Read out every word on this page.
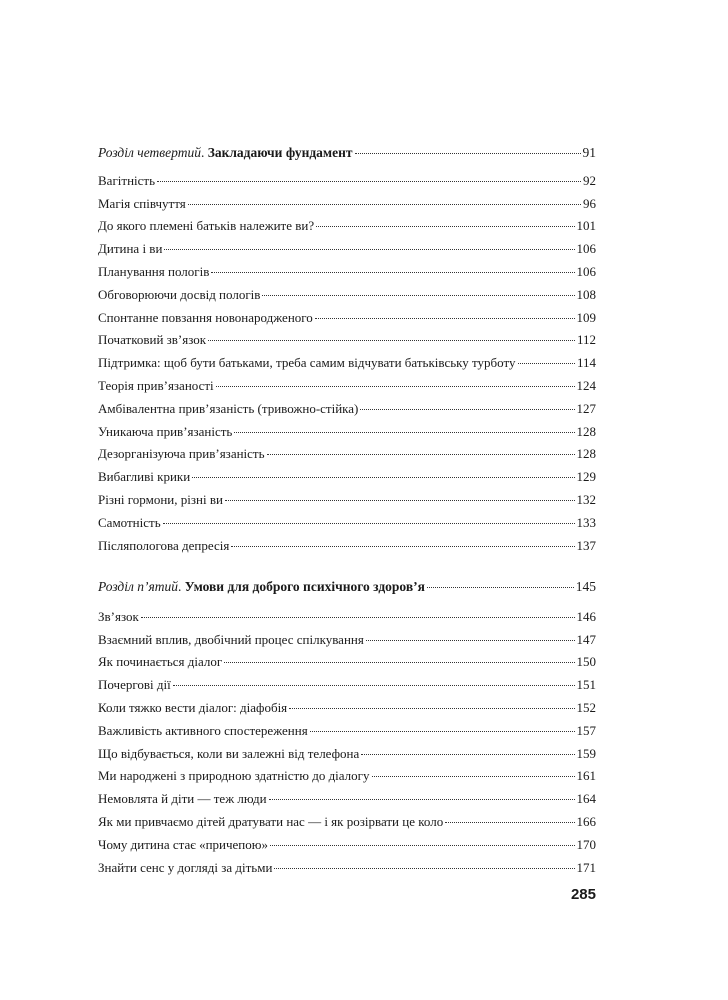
Розділ четвертий. Закладаючи фундамент	91
Вагітність	92
Магія співчуття	96
До якого племені батьків належите ви?	101
Дитина і ви	106
Планування пологів	106
Обговорюючи досвід пологів	108
Спонтанне повзання новонародженого	109
Початковий зв’язок	112
Підтримка: щоб бути батьками, треба самим відчувати батьківську турботу	114
Теорія прив’язаності	124
Амбівалентна прив’язаність (тривожно-стійка)	127
Уникаюча прив’язаність	128
Дезорганізуюча прив’язаність	128
Вибагливі крики	129
Різні гормони, різні ви	132
Самотність	133
Післяпологова депресія	137
Розділ п’ятий. Умови для доброго психічного здоров’я	145
Зв’язок	146
Взаємний вплив, двобічний процес спілкування	147
Як починається діалог	150
Почергові дії	151
Коли тяжко вести діалог: діафобія	152
Важливість активного спостереження	157
Що відбувається, коли ви залежні від телефона	159
Ми народжені з природною здатністю до діалогу	161
Немовлята й діти — теж люди	164
Як ми привчаємо дітей дратувати нас — і як розірвати це коло	166
Чому дитина стає «причепою»	170
Знайти сенс у догляді за дітьми	171
285
